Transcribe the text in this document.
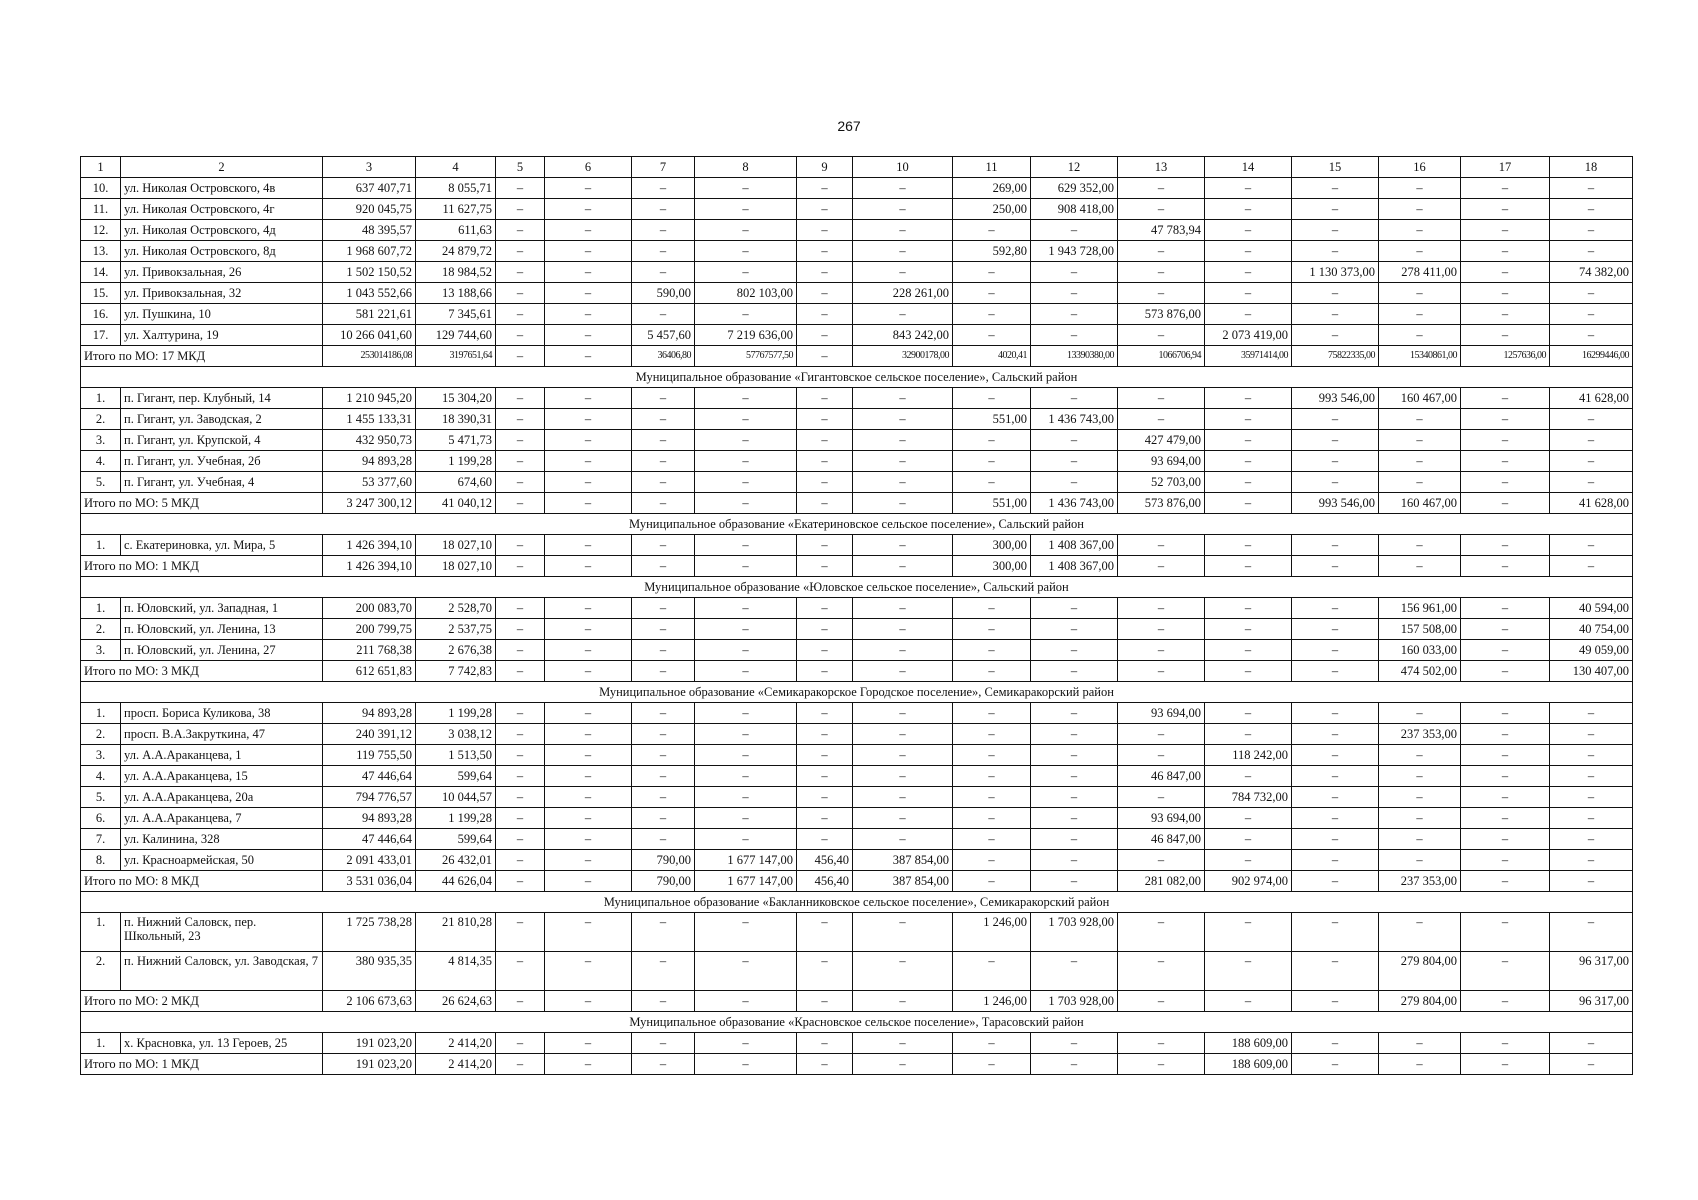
267
1	2	3	4	5	6	7	8	9	10	11	12	13	14	15	16	17	18
10.	ул. Николая Островского, 4в	637 407,71	8 055,71	–	–	–	–	–	–	269,00	629 352,00	–	–	–	–	–	–
11.	ул. Николая Островского, 4г	920 045,75	11 627,75	–	–	–	–	–	–	250,00	908 418,00	–	–	–	–	–	–
12.	ул. Николая Островского, 4д	48 395,57	611,63	–	–	–	–	–	–	–	–	47 783,94	–	–	–	–	–
13.	ул. Николая Островского, 8д	1 968 607,72	24 879,72	–	–	–	–	–	–	592,80	1 943 728,00	–	–	–	–	–	–
14.	ул. Привокзальная, 26	1 502 150,52	18 984,52	–	–	–	–	–	–	–	–	–	–	1 130 373,00	278 411,00	–	74 382,00
15.	ул. Привокзальная, 32	1 043 552,66	13 188,66	–	–	590,00	802 103,00	–	228 261,00	–	–	–	–	–	–	–	–
16.	ул. Пушкина, 10	581 221,61	7 345,61	–	–	–	–	–	–	–	–	573 876,00	–	–	–	–	–
17.	ул. Халтурина, 19	10 266 041,60	129 744,60	–	–	5 457,60	7 219 636,00	–	843 242,00	–	–	–	2 073 419,00	–	–	–	–
Итого по МО: 17 МКД		253014186,08	3197651,64	–	–	36406,80	57767577,50	–	32900178,00	4020,41	13390380,00	1066706,94	35971414,00	75822335,00	15340861,00	1257636,00	16299446,00
Муниципальное образование «Гигантовское сельское поселение», Сальский район																	
1.	п. Гигант, пер. Клубный, 14	1 210 945,20	15 304,20	–	–	–	–	–	–	–	–	–	–	993 546,00	160 467,00	–	41 628,00
2.	п. Гигант, ул. Заводская, 2	1 455 133,31	18 390,31	–	–	–	–	–	–	551,00	1 436 743,00	–	–	–	–	–	–
3.	п. Гигант, ул. Крупской, 4	432 950,73	5 471,73	–	–	–	–	–	–	–	–	427 479,00	–	–	–	–	–
4.	п. Гигант, ул. Учебная, 2б	94 893,28	1 199,28	–	–	–	–	–	–	–	–	93 694,00	–	–	–	–	–
5.	п. Гигант, ул. Учебная, 4	53 377,60	674,60	–	–	–	–	–	–	–	–	52 703,00	–	–	–	–	–
Итого по МО: 5 МКД		3 247 300,12	41 040,12	–	–	–	–	–	–	551,00	1 436 743,00	573 876,00	–	993 546,00	160 467,00	–	41 628,00
Муниципальное образование «Екатериновское сельское поселение», Сальский район																	
1.	с. Екатериновка, ул. Мира, 5	1 426 394,10	18 027,10	–	–	–	–	–	–	300,00	1 408 367,00	–	–	–	–	–	–
Итого по МО: 1 МКД		1 426 394,10	18 027,10	–	–	–	–	–	–	300,00	1 408 367,00	–	–	–	–	–	–
Муниципальное образование «Юловское сельское поселение», Сальский район																	
1.	п. Юловский, ул. Западная, 1	200 083,70	2 528,70	–	–	–	–	–	–	–	–	–	–	–	156 961,00	–	40 594,00
2.	п. Юловский, ул. Ленина, 13	200 799,75	2 537,75	–	–	–	–	–	–	–	–	–	–	–	157 508,00	–	40 754,00
3.	п. Юловский, ул. Ленина, 27	211 768,38	2 676,38	–	–	–	–	–	–	–	–	–	–	–	160 033,00	–	49 059,00
Итого по МО: 3 МКД		612 651,83	7 742,83	–	–	–	–	–	–	–	–	–	–	–	474 502,00	–	130 407,00
Муниципальное образование «Семикаракорское Городское поселение», Семикаракорский район																	
1.	просп. Бориса Куликова, 38	94 893,28	1 199,28	–	–	–	–	–	–	–	–	93 694,00	–	–	–	–	–
2.	просп. В.А.Закруткина, 47	240 391,12	3 038,12	–	–	–	–	–	–	–	–	–	–	–	237 353,00	–	–
3.	ул. А.А.Араканцева, 1	119 755,50	1 513,50	–	–	–	–	–	–	–	–	–	118 242,00	–	–	–	–
4.	ул. А.А.Араканцева, 15	47 446,64	599,64	–	–	–	–	–	–	–	–	46 847,00	–	–	–	–	–
5.	ул. А.А.Араканцева, 20а	794 776,57	10 044,57	–	–	–	–	–	–	–	–	–	784 732,00	–	–	–	–
6.	ул. А.А.Араканцева, 7	94 893,28	1 199,28	–	–	–	–	–	–	–	–	93 694,00	–	–	–	–	–
7.	ул. Калинина, 328	47 446,64	599,64	–	–	–	–	–	–	–	–	46 847,00	–	–	–	–	–
8.	ул. Красноармейская, 50	2 091 433,01	26 432,01	–	–	790,00	1 677 147,00	456,40	387 854,00	–	–	–	–	–	–	–	–
Итого по МО: 8 МКД		3 531 036,04	44 626,04	–	–	790,00	1 677 147,00	456,40	387 854,00	–	–	281 082,00	902 974,00	–	237 353,00	–	–
Муниципальное образование «Бакланниковское сельское поселение», Семикаракорский район																	
1.	п. Нижний Саловск, пер. Школьный, 23	1 725 738,28	21 810,28	–	–	–	–	–	–	1 246,00	1 703 928,00	–	–	–	–	–	–
2.	п. Нижний Саловск, ул. Заводская, 7	380 935,35	4 814,35	–	–	–	–	–	–	–	–	–	–	–	279 804,00	–	96 317,00
Итого по МО: 2 МКД		2 106 673,63	26 624,63	–	–	–	–	–	–	1 246,00	1 703 928,00	–	–	–	279 804,00	–	96 317,00
Муниципальное образование «Красновское сельское поселение», Тарасовский район																	
1.	х. Красновка, ул. 13 Героев, 25	191 023,20	2 414,20	–	–	–	–	–	–	–	–	–	188 609,00	–	–	–	–
Итого по МО: 1 МКД		191 023,20	2 414,20	–	–	–	–	–	–	–	–	–	188 609,00	–	–	–	–
